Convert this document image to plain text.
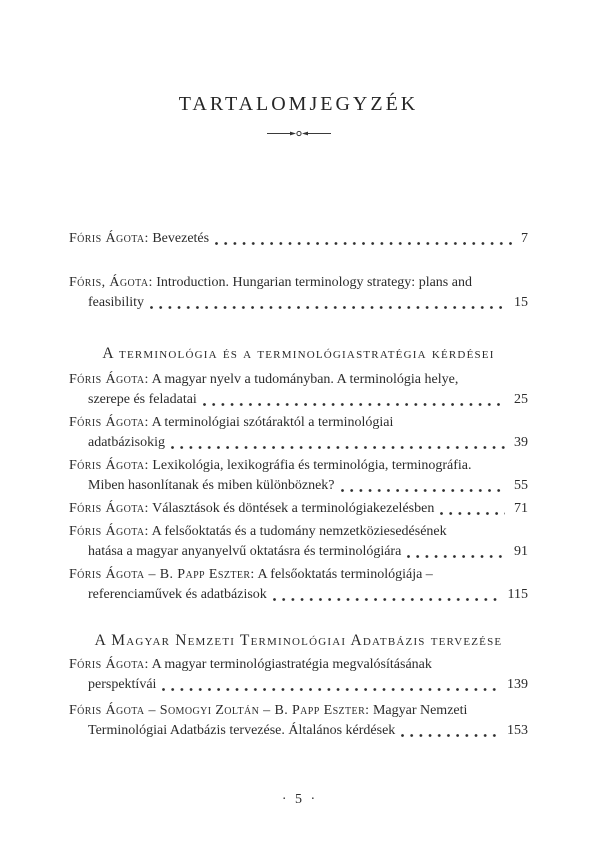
TARTALOMJEGYZÉK
Fóris Ágota: Bevezetés	7
Fóris, Ágota: Introduction. Hungarian terminology strategy: plans and
feasibility	15
A terminológia és a terminológiastratégia kérdései
Fóris Ágota: A magyar nyelv a tudományban. A terminológia helye,
szerepe és feladatai	25
Fóris Ágota: A terminológiai szótáraktól a terminológiai
adatbázisokig	39
Fóris Ágota: Lexikológia, lexikográfia és terminológia, terminográfia.
Miben hasonlítanak és miben különböznek?	55
Fóris Ágota: Választások és döntések a terminológiakezelésben	71
Fóris Ágota: A felsőoktatás és a tudomány nemzetköziesedésének
hatása a magyar anyanyelvű oktatásra és terminológiára	91
Fóris Ágota – B. Papp Eszter: A felsőoktatás terminológiája –
referenciaművek és adatbázisok	115
A Magyar Nemzeti Terminológiai Adatbázis tervezése
Fóris Ágota: A magyar terminológiastratégia megvalósításának
perspektívái	139
Fóris Ágota – Somogyi Zoltán – B. Papp Eszter: Magyar Nemzeti
Terminológiai Adatbázis tervezése. Általános kérdések	153
· 5 ·
